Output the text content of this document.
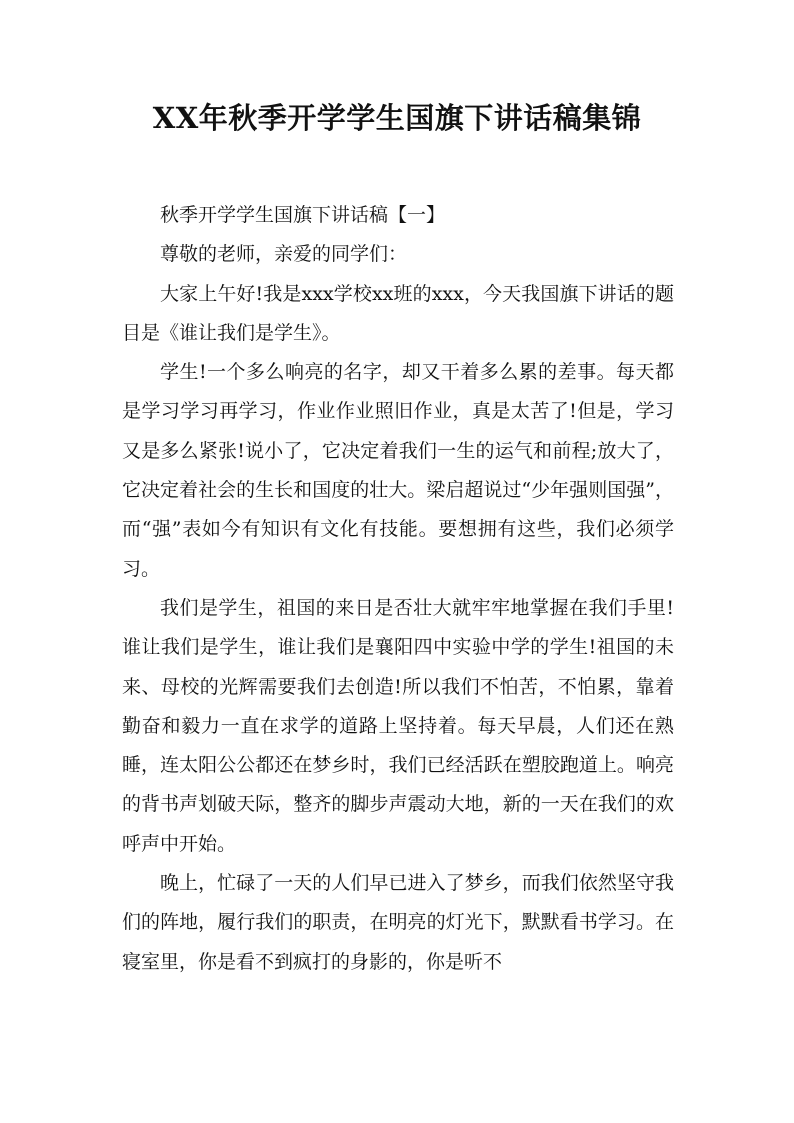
XX年秋季开学学生国旗下讲话稿集锦

秋季开学学生国旗下讲话稿【一】

尊敬的老师，亲爱的同学们：

大家上午好!我是xxx学校xx班的xxx，今天我国旗下讲话的题目是《谁让我们是学生》。

学生!一个多么响亮的名字，却又干着多么累的差事。每天都是学习学习再学习，作业作业照旧作业，真是太苦了!但是，学习又是多么紧张!说小了，它决定着我们一生的运气和前程;放大了，它决定着社会的生长和国度的壮大。梁启超说过“少年强则国强”，而“强”表如今有知识有文化有技能。要想拥有这些，我们必须学习。

我们是学生，祖国的来日是否壮大就牢牢地掌握在我们手里!谁让我们是学生，谁让我们是襄阳四中实验中学的学生!祖国的未来、母校的光辉需要我们去创造!所以我们不怕苦，不怕累，靠着勤奋和毅力一直在求学的道路上坚持着。每天早晨，人们还在熟睡，连太阳公公都还在梦乡时，我们已经活跃在塑胶跑道上。响亮的背书声划破天际，整齐的脚步声震动大地，新的一天在我们的欢呼声中开始。

晚上，忙碌了一天的人们早已进入了梦乡，而我们依然坚守我们的阵地，履行我们的职责，在明亮的灯光下，默默看书学习。在寝室里，你是看不到疯打的身影的，你是听不
